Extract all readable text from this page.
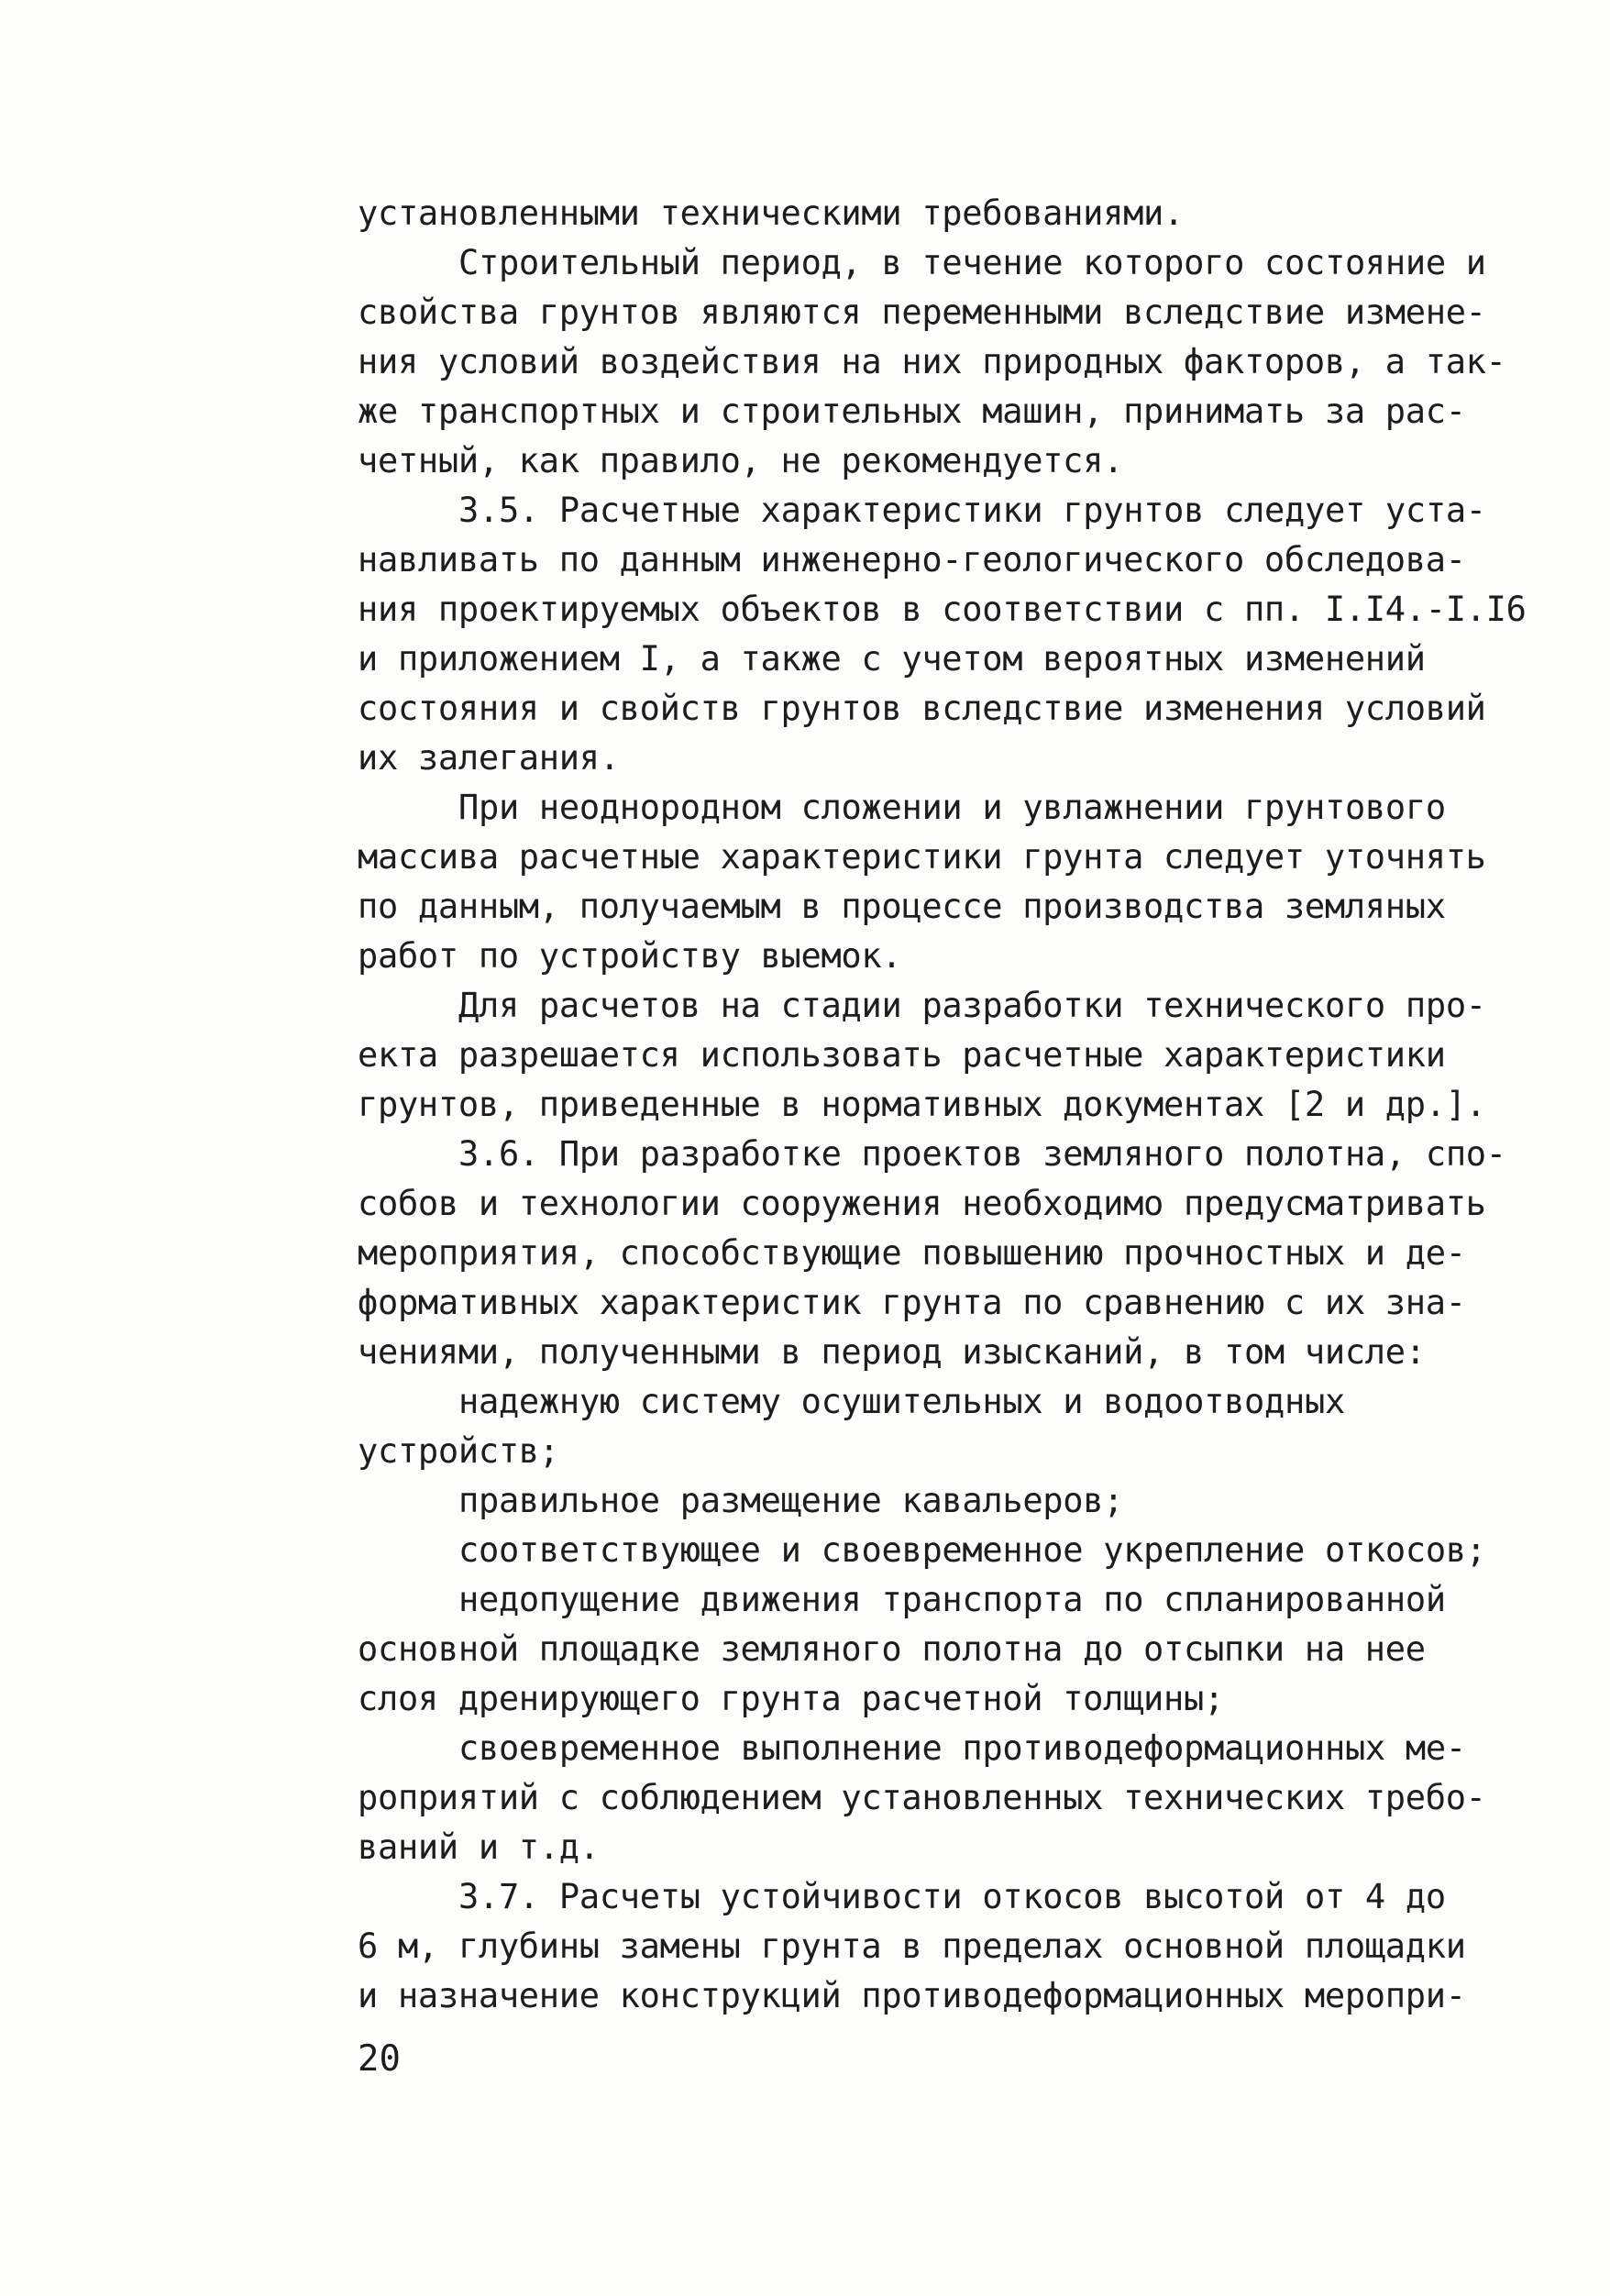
установленными техническими требованиями.
Строительный период, в течение которого состояние и
свойства грунтов являются переменными вследствие измене-
ния условий воздействия на них природных факторов, а так-
же транспортных и строительных машин, принимать за рас-
четный, как правило, не рекомендуется.
3.5. Расчетные характеристики грунтов следует уста-
навливать по данным инженерно-геологического обследова-
ния проектируемых объектов в соответствии с пп. I.I4.-I.I6
и приложением I, а также с учетом вероятных изменений
состояния и свойств грунтов вследствие изменения условий
их залегания.
При неоднородном сложении и увлажнении грунтового
массива расчетные характеристики грунта следует уточнять
по данным, получаемым в процессе производства земляных
работ по устройству выемок.
Для расчетов на стадии разработки технического про-
екта разрешается использовать расчетные характеристики
грунтов, приведенные в нормативных документах [2 и др.].
3.6. При разработке проектов земляного полотна, спо-
собов и технологии сооружения необходимо предусматривать
мероприятия, способствующие повышению прочностных и де-
формативных характеристик грунта по сравнению с их зна-
чениями, полученными в период изысканий, в том числе:
надежную систему осушительных и водоотводных
устройств;
правильное размещение кавальеров;
соответствующее и своевременное укрепление откосов;
недопущение движения транспорта по спланированной
основной площадке земляного полотна до отсыпки на нее
слоя дренирующего грунта расчетной толщины;
своевременное выполнение противодеформационных ме-
роприятий с соблюдением установленных технических требо-
ваний и т.д.
3.7. Расчеты устойчивости откосов высотой от 4 до
6 м, глубины замены грунта в пределах основной площадки
и назначение конструкций противодеформационных меропри-
20
